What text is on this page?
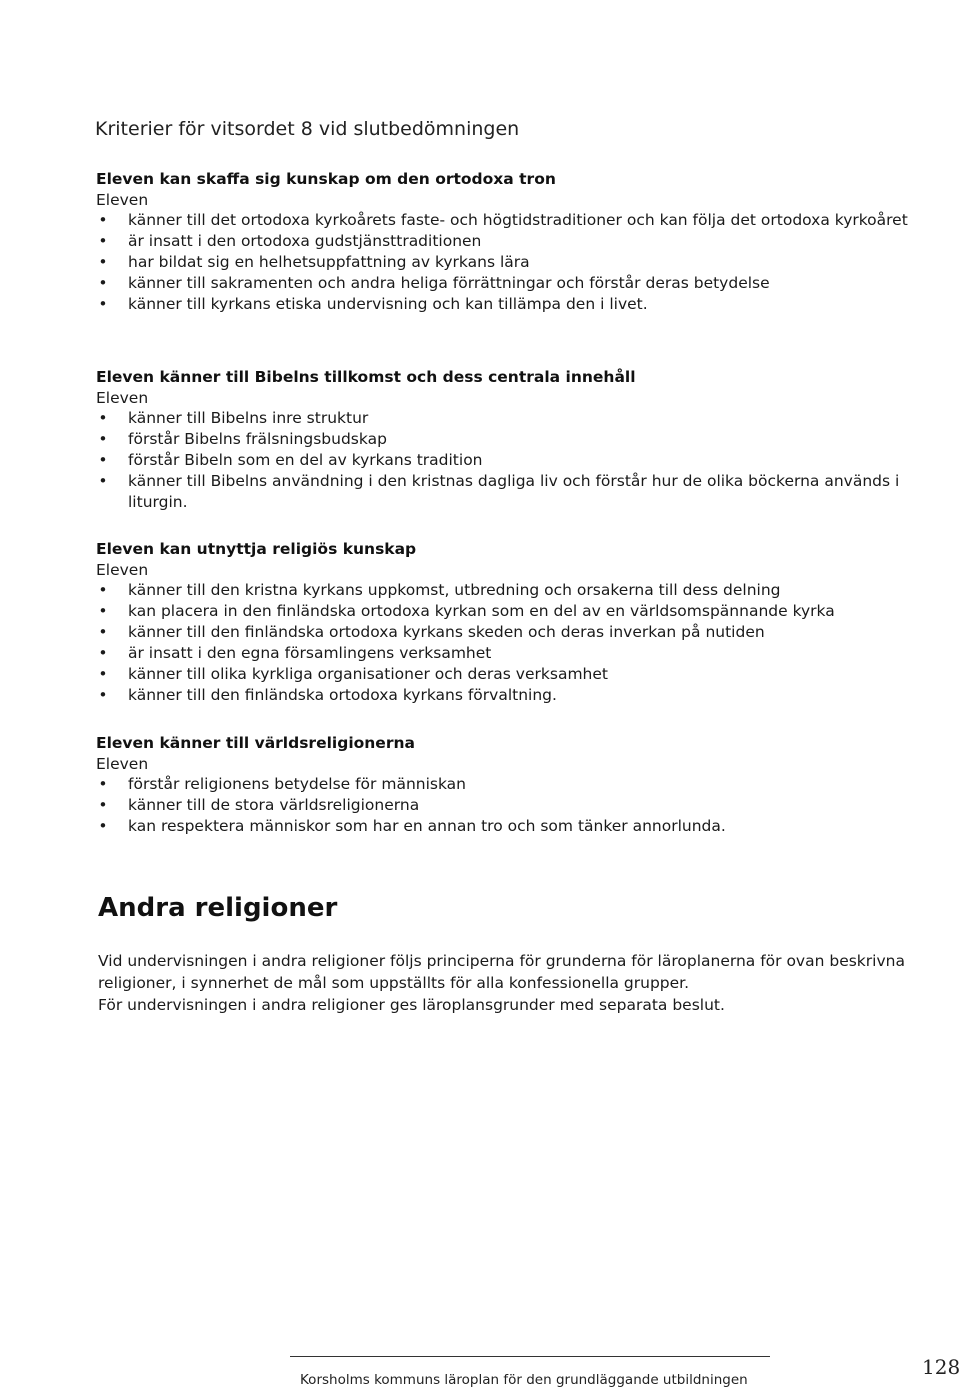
Kriterier för vitsordet 8 vid slutbedömningen
Eleven kan skaffa sig kunskap om den ortodoxa tron

Eleven

• känner till det ortodoxa kyrkoårets faste- och högtidstraditioner och kan följa det ortodoxa kyrkoåret
• är insatt i den ortodoxa gudstjänsttraditionen
• har bildat sig en helhetsuppfattning av kyrkans lära
• känner till sakramenten och andra heliga förrättningar och förstår deras betydelse
• känner till kyrkans etiska undervisning och kan tillämpa den i livet.
Eleven känner till Bibelns tillkomst och dess centrala innehåll

Eleven

• känner till Bibelns inre struktur
• förstår Bibelns frälsningsbudskap
• förstår Bibeln som en del av kyrkans tradition
• känner till Bibelns användning i den kristnas dagliga liv och förstår hur de olika böckerna används i liturgin.
Eleven kan utnyttja religiös kunskap

Eleven

• känner till den kristna kyrkans uppkomst, utbredning och orsakerna till dess delning
• kan placera in den finländska ortodoxa kyrkan som en del av en världsomspännande kyrka
• känner till den finländska ortodoxa kyrkans skeden och deras inverkan på nutiden
• är insatt i den egna församlingens verksamhet
• känner till olika kyrkliga organisationer och deras verksamhet
• känner till den finländska ortodoxa kyrkans förvaltning.
Eleven känner till världsreligionerna

Eleven

• förstår religionens betydelse för människan
• känner till de stora världsreligionerna
• kan respektera människor som har en annan tro och som tänker annorlunda.
Andra religioner

Vid undervisningen i andra religioner följs principerna för grunderna för läroplanerna för ovan beskrivna religioner, i synnerhet de mål som uppställts för alla konfessionella grupper.

För undervisningen i andra religioner ges läroplansgrunder med separata beslut.

Korsholms kommuns läroplan för den grundläggande utbildningen
128
